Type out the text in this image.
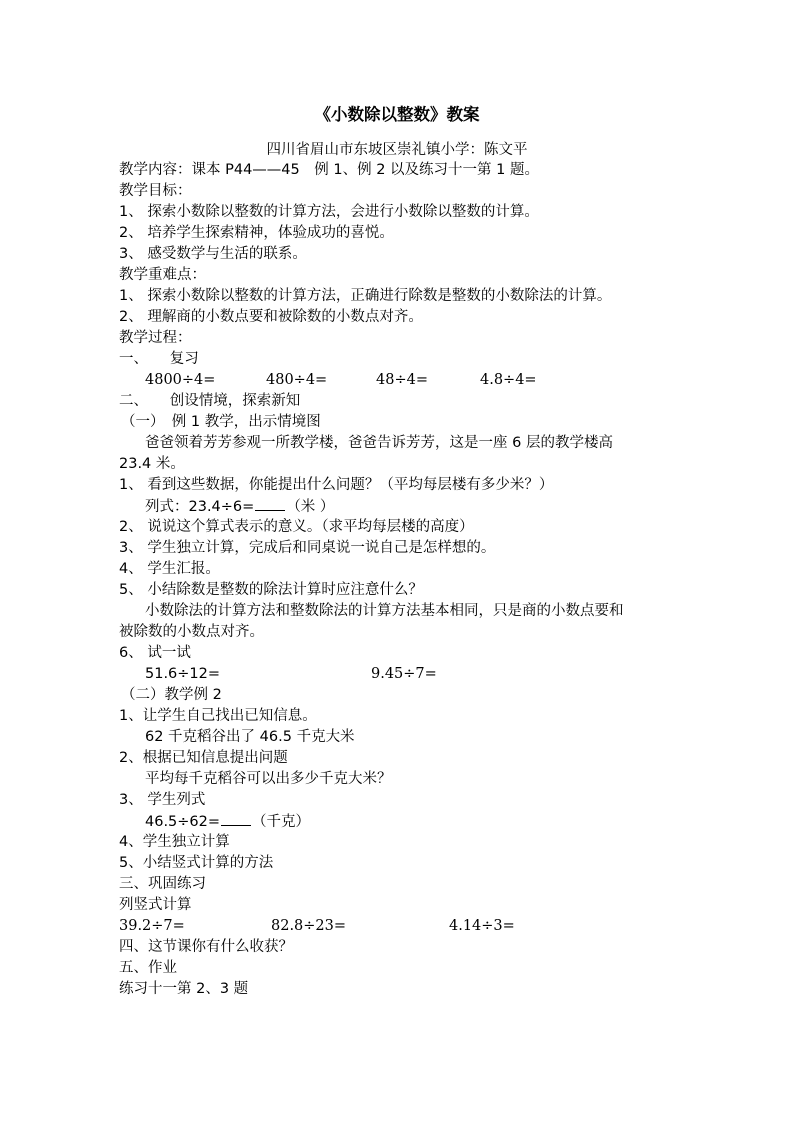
《小数除以整数》教案
四川省眉山市东坡区崇礼镇小学：陈文平
教学内容：课本 P44——45　例 1、例 2 以及练习十一第 1 题。
教学目标：
1、 探索小数除以整数的计算方法，会进行小数除以整数的计算。
2、 培养学生探索精神，体验成功的喜悦。
3、 感受数学与生活的联系。
教学重难点：
1、 探索小数除以整数的计算方法，正确进行除数是整数的小数除法的计算。
2、 理解商的小数点要和被除数的小数点对齐。
教学过程：
一、　　复习
4800÷4=	480÷4=	48÷4=	4.8÷4=
二、　　创设情境，探索新知
（一）　例 1 教学，出示情境图
爸爸领着芳芳参观一所教学楼，爸爸告诉芳芳，这是一座 6 层的教学楼高
23.4 米。
1、 看到这些数据，你能提出什么问题？（平均每层楼有多少米？）
列式：23.4÷6= （米 ）
2、 说说这个算式表示的意义。（求平均每层楼的高度）
3、 学生独立计算，完成后和同桌说一说自己是怎样想的。
4、 学生汇报。
5、 小结除数是整数的除法计算时应注意什么？
小数除法的计算方法和整数除法的计算方法基本相同，只是商的小数点要和
被除数的小数点对齐。
6、 试一试
51.6÷12=	9.45÷7=
（二）教学例 2
1、让学生自己找出已知信息。
62 千克稻谷出了 46.5 千克大米
2、根据已知信息提出问题
平均每千克稻谷可以出多少千克大米？
3、 学生列式
46.5÷62= （千克）
4、学生独立计算
5、小结竖式计算的方法
三、巩固练习
列竖式计算
39.2÷7=	82.8÷23=	4.14÷3=
四、这节课你有什么收获？
五、作业
练习十一第 2、3 题
